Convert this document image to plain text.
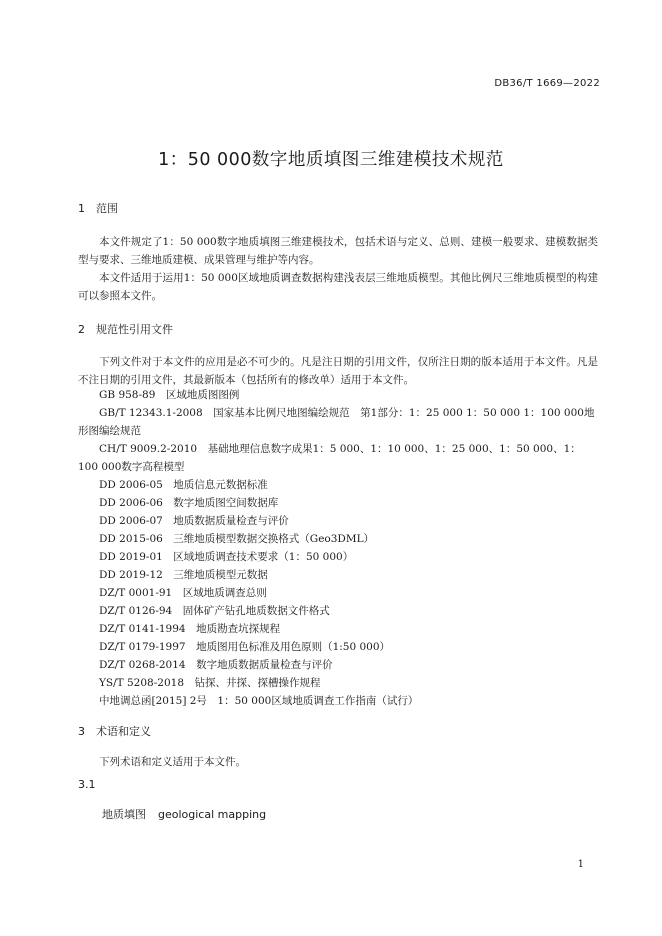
DB36/T 1669—2022
1：50 000数字地质填图三维建模技术规范
1 范围
本文件规定了1：50 000数字地质填图三维建模技术，包括术语与定义、总则、建模一般要求、建模数据类型与要求、三维地质建模、成果管理与维护等内容。
本文件适用于运用1：50 000区域地质调查数据构建浅表层三维地质模型。其他比例尺三维地质模型的构建可以参照本文件。
2 规范性引用文件
下列文件对于本文件的应用是必不可少的。凡是注日期的引用文件，仅所注日期的版本适用于本文件。凡是不注日期的引用文件，其最新版本（包括所有的修改单）适用于本文件。
GB 958-89　区域地质图图例
GB/T 12343.1-2008　国家基本比例尺地图编绘规范　第1部分：1：25 000 1：50 000 1：100 000地形图编绘规范
CH/T 9009.2-2010　基础地理信息数字成果1：5 000、1：10 000、1：25 000、1：50 000、1：100 000数字高程模型
DD 2006-05　地质信息元数据标准
DD 2006-06　数字地质图空间数据库
DD 2006-07　地质数据质量检查与评价
DD 2015-06　三维地质模型数据交换格式（Geo3DML）
DD 2019-01　区域地质调查技术要求（1：50 000）
DD 2019-12　三维地质模型元数据
DZ/T 0001-91　区域地质调查总则
DZ/T 0126-94　固体矿产钻孔地质数据文件格式
DZ/T 0141-1994　地质勘查坑探规程
DZ/T 0179-1997　地质图用色标准及用色原则（1:50 000）
DZ/T 0268-2014　数字地质数据质量检查与评价
YS/T 5208-2018　钻探、井探、探槽操作规程
中地调总函[2015] 2号　1：50 000区域地质调查工作指南（试行）
3 术语和定义
下列术语和定义适用于本文件。
3.1
地质填图 geological mapping
1
